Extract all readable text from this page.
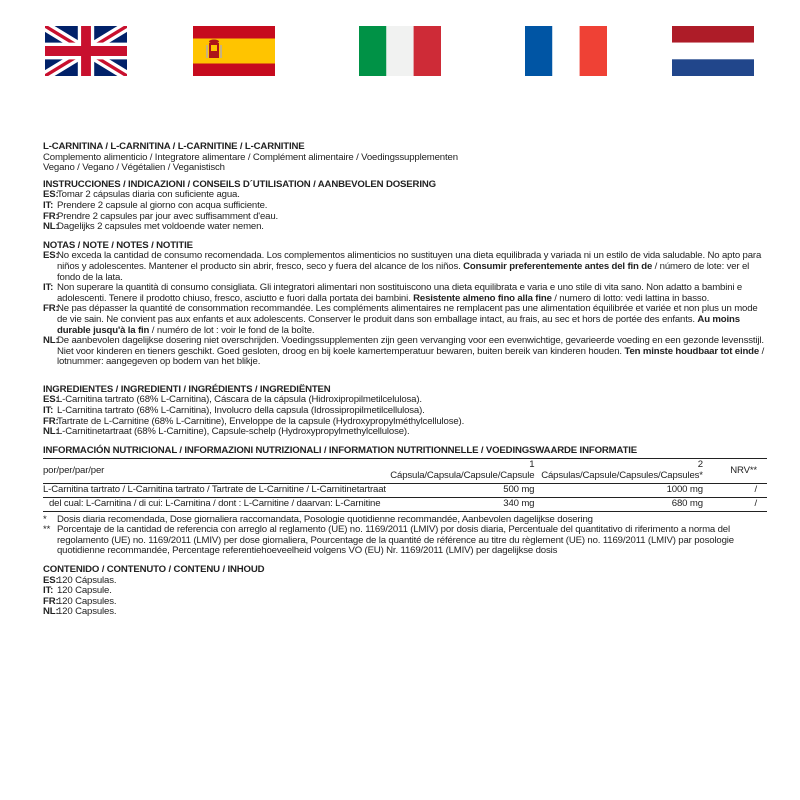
L-CARNITINA / L-CARNITINA / L-CARNITINE / L-CARNITINE

Complemento alimenticio / Integratore alimentare / Complément alimentaire / Voedingssupplementen

Vegano / Vegano / Végétalien / Veganistisch

INSTRUCCIONES / INDICAZIONI / CONSEILS D´UTILISATION / AANBEVOLEN DOSERING

ES:
Tomar 2 cápsulas diaria con suficiente agua.
IT: Prendere 2 capsule al giorno con acqua sufficiente.
FR:
Prendre 2 capsules par jour avec suffisamment d'eau.
NL:
Dagelijks 2 capsules met voldoende water nemen.

NOTAS / NOTE / NOTES / NOTITIE

ES:
No exceda la cantidad de consumo recomendada. Los complementos alimenticios no sustituyen una dieta equilibrada y variada ni un estilo de vida saludable. No apto para niños y adolescentes. Mantener el producto sin abrir, fresco, seco y fuera del alcance de los niños. Consumir preferentemente antes del fin de / número de lote: ver el fondo de la lata.
IT: Non superare la quantità di consumo consigliata. Gli integratori alimentari non sostituiscono una dieta equilibrata e varia e uno stile di vita sano. Non adatto a bambini e adolescenti. Tenere il prodotto chiuso, fresco, asciutto e fuori dalla portata dei bambini. Resistente almeno fino alla fine / numero di lotto: vedi lattina in basso.
FR:
Ne pas dépasser la quantité de consommation recommandée. Les compléments alimentaires ne remplacent pas une alimentation équilibrée et variée et non plus un mode de vie sain. Ne convient pas aux enfants et aux adolescents. Conserver le produit dans son emballage intact, au frais, au sec et hors de portée des enfants. Au moins durable jusqu'à la fin / numéro de lot : voir le fond de la boîte.
NL:
De aanbevolen dagelijkse dosering niet overschrijden. Voedingssupplementen zijn geen vervanging voor een evenwichtige, gevarieerde voeding en een gezonde levensstijl. Niet voor kinderen en tieners geschikt. Goed gesloten, droog en bij koele kamertemperatuur bewaren, buiten bereik van kinderen houden. Ten minste houdbaar tot einde / lotnummer: aangegeven op bodem van het blikje.

INGREDIENTES / INGREDIENTI / INGRÉDIENTS / INGREDIËNTEN

ES:
L-Carnitina tartrato (68% L-Carnitina), Cáscara de la cápsula (Hidroxipropilmetilcelulosa).
IT: L-Carnitina tartrato (68% L-Carnitina), Involucro della capsula (Idrossipropilmetilcellulosa).
FR:
Tartrate de L-Carnitine (68% L-Carnitine), Enveloppe de la capsule (Hydroxypropylméthylcellulose).
NL:
L-Carnitinetartraat (68% L-Carnitine), Capsule-schelp (Hydroxypropylmethylcellulose).

INFORMACIÓN NUTRICIONAL / INFORMAZIONI NUTRIZIONALI / INFORMATION NUTRITIONNELLE / VOEDINGSWAARDE INFORMATIE

por/per/par/per	1 Cápsula/Capsula/Capsule/Capsule	2 Cápsulas/Capsule/Capsules/Capsules*	NRV**
L-Carnitina tartrato / L-Carnitina tartrato / Tartrate de L-Carnitine / L-Carnitinetartraat	500 mg	1000 mg	/
del cual: L-Carnitina / di cui: L-Carnitina / dont : L-Carnitine / daarvan: L-Carnitine	340 mg	680 mg	/
*	Dosis diaria recomendada, Dose giornaliera raccomandata, Posologie quotidienne recommandée, Aanbevolen dagelijkse dosering
** Porcentaje de la cantidad de referencia con arreglo al reglamento (UE) no. 1169/2011 (LMIV) por dosis diaria, Percentuale del quantitativo di riferimento a norma del regolamento (UE) no. 1169/2011 (LMIV) per dose giornaliera, Pourcentage de la quantité de référence au titre du règlement (UE) no. 1169/2011 (LMIV) par posologie quotidienne recommandée, Percentage referentiehoeveelheid volgens VO (EU) Nr. 1169/2011 (LMIV) per dagelijkse dosis

CONTENIDO / CONTENUTO / CONTENU / INHOUD

ES:
120 Cápsulas.
IT: 120 Capsule.
FR:
120 Capsules.
NL:
120 Capsules.
